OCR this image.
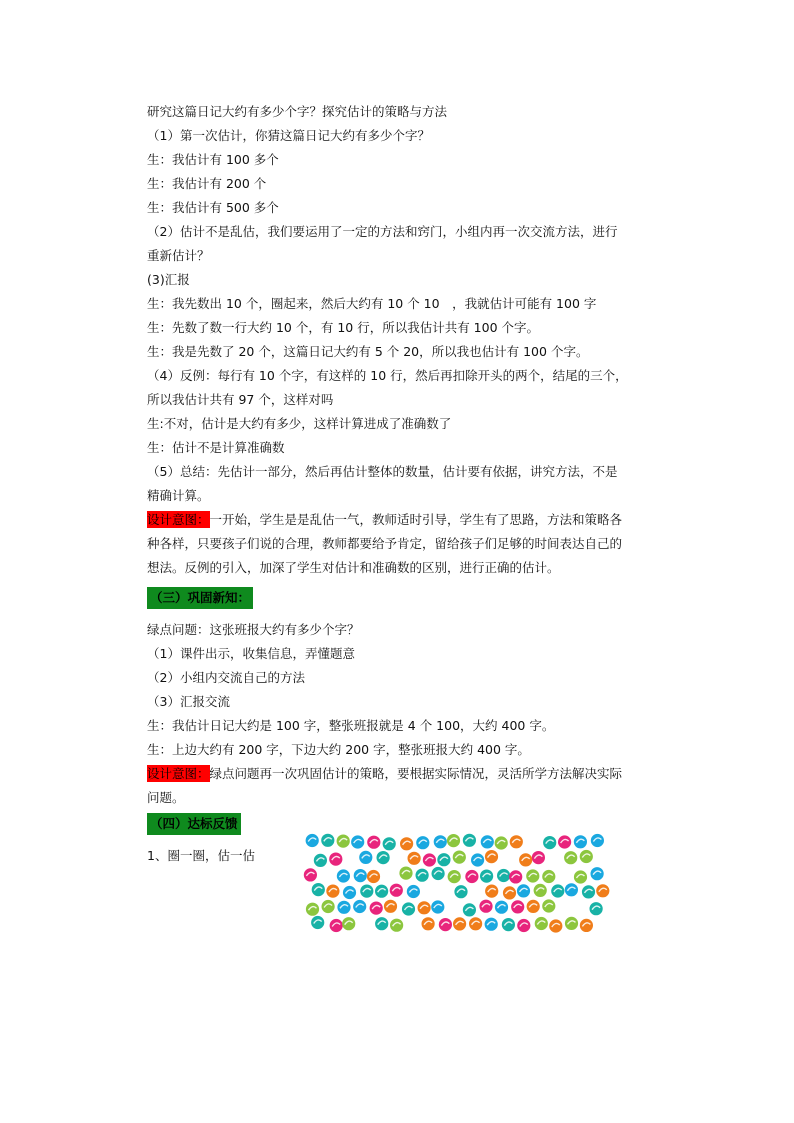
研究这篇日记大约有多少个字？探究估计的策略与方法
（1）第一次估计，你猜这篇日记大约有多少个字？
生：我估计有 100 多个
生：我估计有 200 个
生：我估计有 500 多个
（2）估计不是乱估，我们要运用了一定的方法和窍门，小组内再一次交流方法，进行
重新估计？
(3)汇报
生：我先数出 10 个，圈起来，然后大约有 10 个 10　，我就估计可能有 100 字
生：先数了数一行大约 10 个，有 10 行，所以我估计共有 100 个字。
生：我是先数了 20 个，这篇日记大约有 5 个 20，所以我也估计有 100 个字。
（4）反例：每行有 10 个字，有这样的 10 行，然后再扣除开头的两个，结尾的三个，
所以我估计共有 97 个，这样对吗
生:不对，估计是大约有多少，这样计算进成了准确数了
生：估计不是计算准确数
（5）总结：先估计一部分，然后再估计整体的数量，估计要有依据，讲究方法，不是
精确计算。
设计意图：一开始，学生是是乱估一气，教师适时引导，学生有了思路，方法和策略各
种各样，只要孩子们说的合理，教师都要给予肯定，留给孩子们足够的时间表达自己的
想法。反例的引入，加深了学生对估计和准确数的区别，进行正确的估计。
（三）巩固新知：
绿点问题：这张班报大约有多少个字？
（1）课件出示，收集信息，弄懂题意
（2）小组内交流自己的方法
（3）汇报交流
生：我估计日记大约是 100 字，整张班报就是 4 个 100，大约 400 字。
生：上边大约有 200 字，下边大约 200 字，整张班报大约 400 字。
设计意图：绿点问题再一次巩固估计的策略，要根据实际情况，灵活所学方法解决实际
问题。
（四）达标反馈
1、圈一圈，估一估
